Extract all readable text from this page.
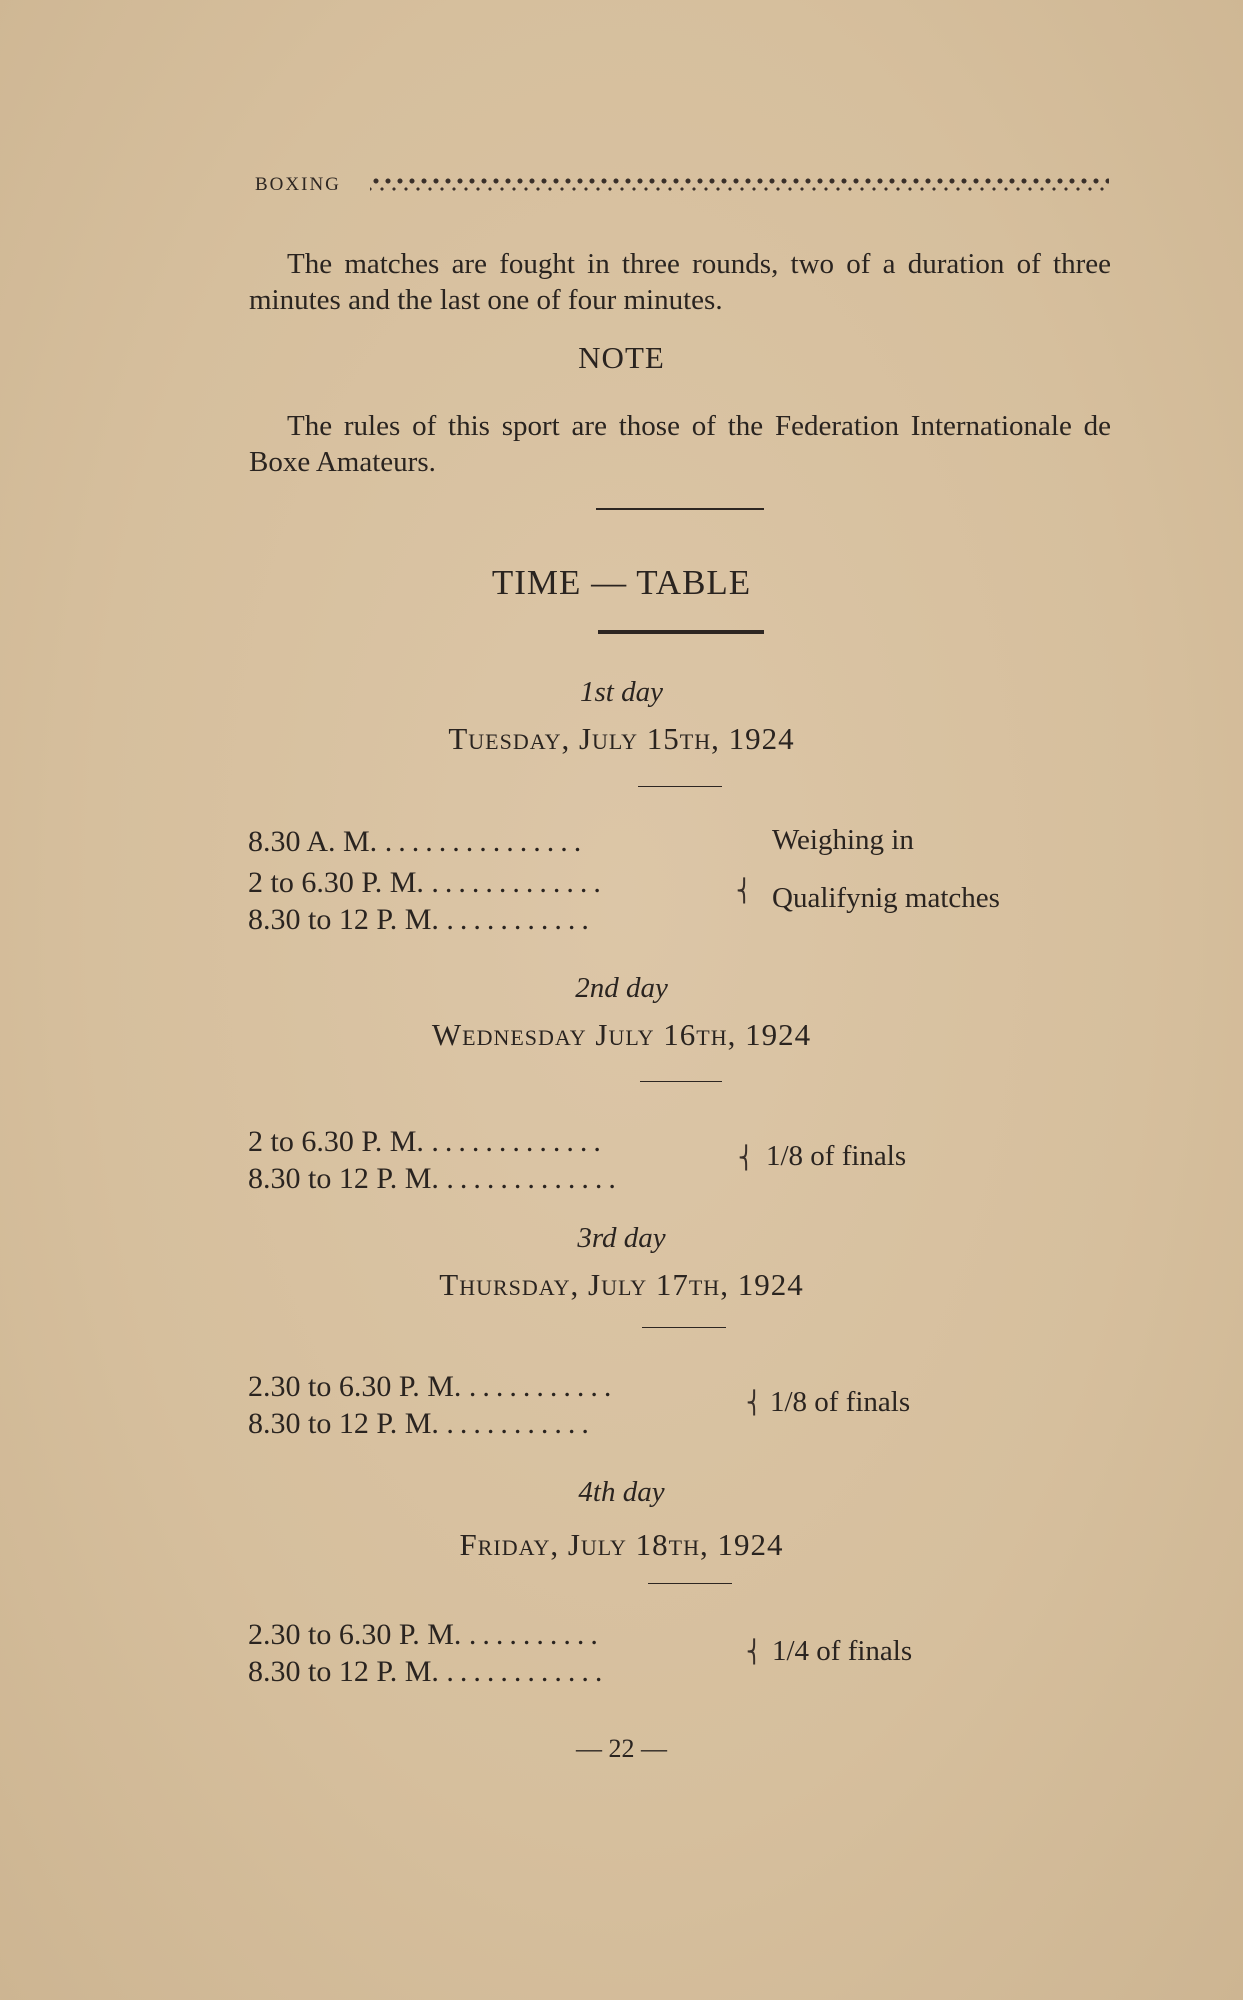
BOXING
The matches are fought in three rounds, two of a duration of three minutes and the last one of four minutes.
NOTE
The rules of this sport are those of the Federation Internationale de Boxe Amateurs.
TIME — TABLE
1st day
Tuesday, July 15th, 1924
8.30 A. M. ...............	Weighing in
2 to 6.30 P. M. .............
8.30 to 12 P. M. ...........
⎨ Qualifynig matches
2nd day
Wednesday July 16th, 1924
2 to 6.30 P. M. .............
8.30 to 12 P. M. .............
⎨ 1/8 of finals
3rd day
Thursday, July 17th, 1924
2.30 to 6.30 P. M. ...........
8.30 to 12 P. M. ...........
⎨ 1/8 of finals
4th day
Friday, July 18th, 1924
2.30 to 6.30 P. M. ..........
8.30 to 12 P. M. ............
⎨ 1/4 of finals
— 22 —
